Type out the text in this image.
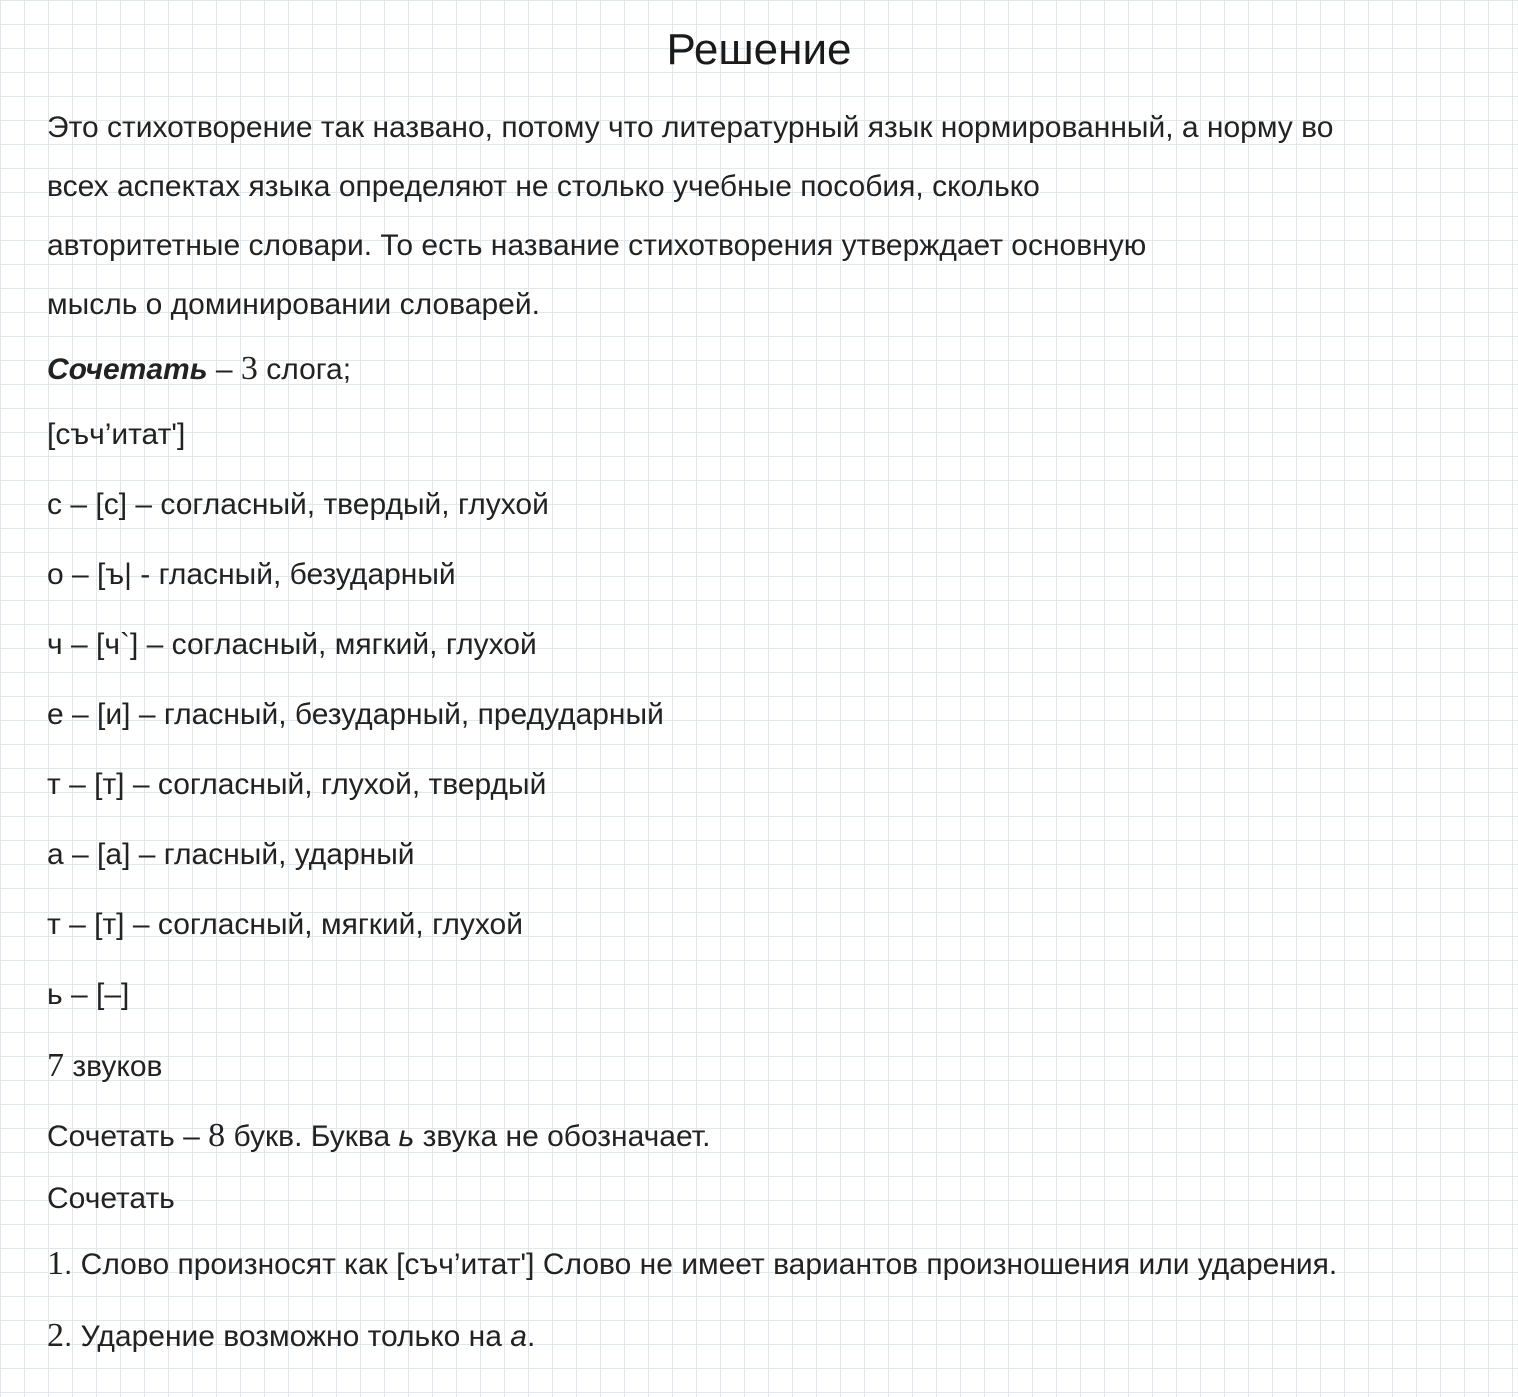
Решение
Это стихотворение так названо, потому что литературный язык нормированный, а норму во
всех аспектах языка определяют не столько учебные пособия, сколько
авторитетные словари. То есть название стихотворения утверждает основную
мысль о доминировании словарей.
Сочетать – 3 слога;
[съч’итат']
с – [с] – согласный, твердый, глухой
о – [ъ| - гласный, безударный
ч – [ч`] – согласный, мягкий, глухой
е – [и] – гласный, безударный, предударный
т – [т] – согласный, глухой, твердый
а – [а] – гласный, ударный
т – [т] – согласный, мягкий, глухой
ь – [–]
7 звуков
Сочетать – 8 букв. Буква ь звука не обозначает.
Сочетать
1. Слово произносят как [съч’итат'] Слово не имеет вариантов произношения или ударения.
2. Ударение возможно только на а.
